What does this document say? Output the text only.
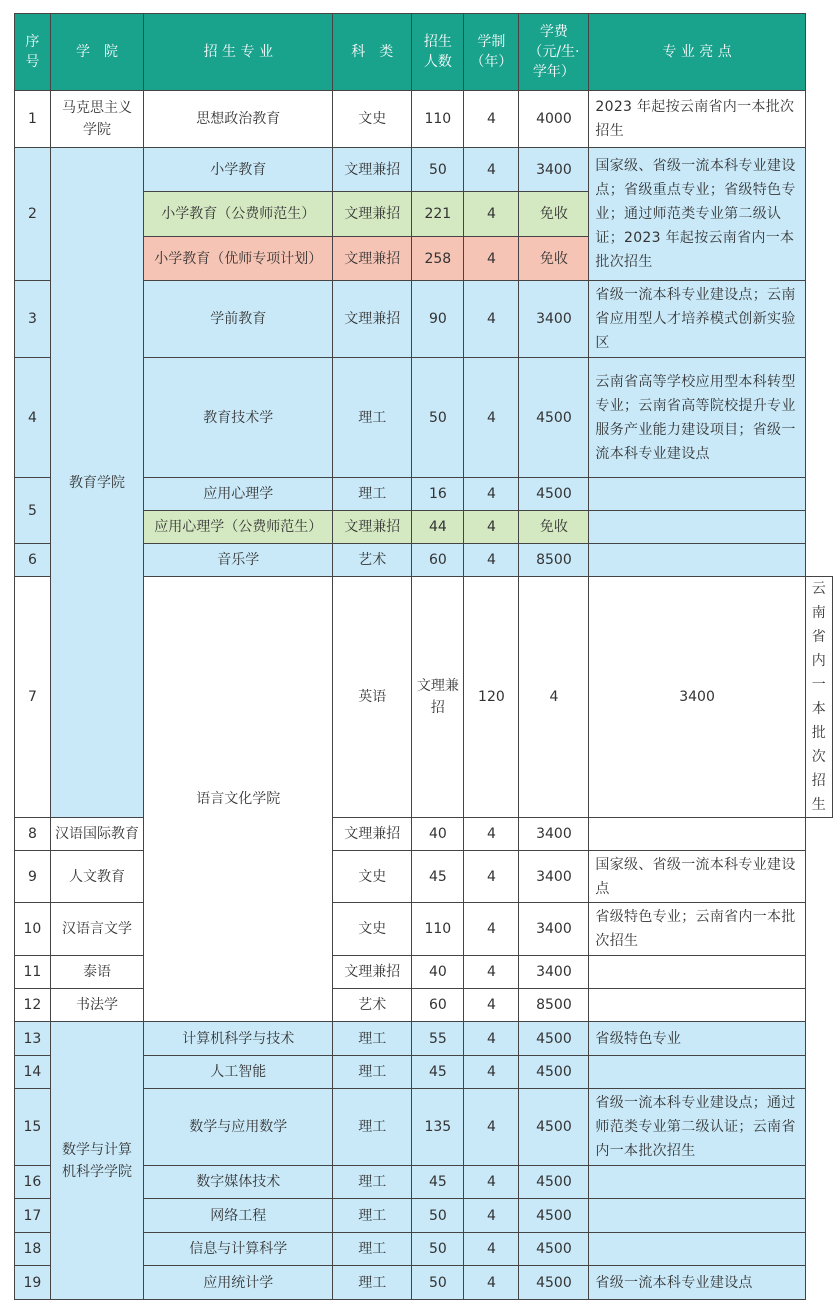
序号	学　院	招 生 专 业	科　类	招生人数	学制（年）	学费（元/生·学年）	专 业 亮 点	
1	马克思主义学院	思想政治教育	文史	110	4	4000	2023 年起按云南省内一本批次招生	
2	教育学院	小学教育	文理兼招	50	4	3400	国家级、省级一流本科专业建设点；省级重点专业；省级特色专业；通过师范类专业第二级认证；2023 年起按云南省内一本批次招生	
		小学教育（公费师范生）	文理兼招	221	4	免收		
		小学教育（优师专项计划）	文理兼招	258	4	免收		
3		学前教育	文理兼招	90	4	3400	省级一流本科专业建设点；云南省应用型人才培养模式创新实验区	
4		教育技术学	理工	50	4	4500	云南省高等学校应用型本科转型专业；云南省高等院校提升专业服务产业能力建设项目；省级一流本科专业建设点	
5		应用心理学	理工	16	4	4500		
		应用心理学（公费师范生）	文理兼招	44	4	免收		
6		音乐学	艺术	60	4	8500		
7		语言文化学院	英语	文理兼招	120	4	3400	云南省内一本批次招生
8	汉语国际教育		文理兼招	40	4	3400		
9	人文教育		文史	45	4	3400	国家级、省级一流本科专业建设点	
10	汉语言文学		文史	110	4	3400	省级特色专业；云南省内一本批次招生	
11	泰语		文理兼招	40	4	3400		
12	书法学		艺术	60	4	8500		
13	数学与计算机科学学院	计算机科学与技术	理工	55	4	4500	省级特色专业	
14		人工智能	理工	45	4	4500		
15		数学与应用数学	理工	135	4	4500	省级一流本科专业建设点；通过师范类专业第二级认证；云南省内一本批次招生	
16		数字媒体技术	理工	45	4	4500		
17		网络工程	理工	50	4	4500		
18		信息与计算科学	理工	50	4	4500		
19		应用统计学	理工	50	4	4500	省级一流本科专业建设点	
